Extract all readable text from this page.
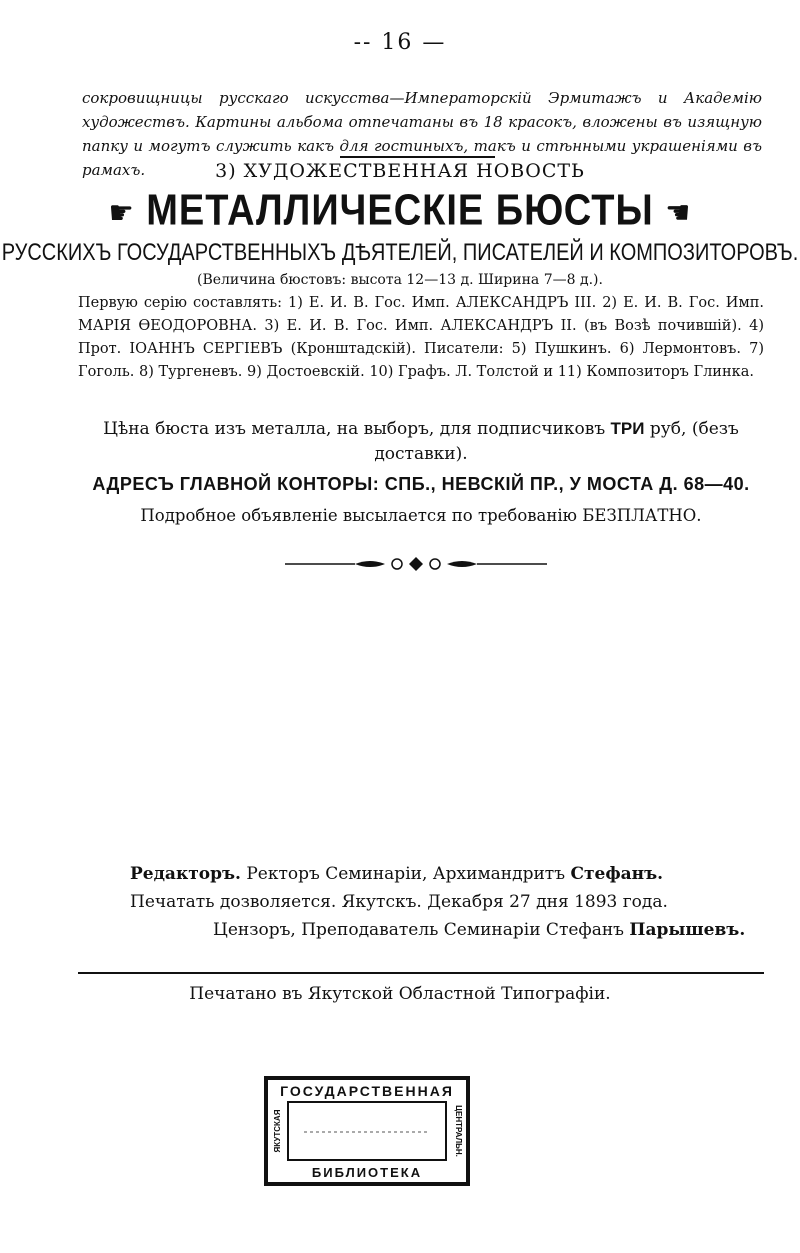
-- 16 —
сокровищницы русскаго искусства—Императорскій Эрмитажъ и Академію художествъ. Картины альбома отпечатаны въ 18 красокъ, вложены въ изящную папку и могутъ служить какъ для гостиныхъ, такъ и стѣнными украшеніями въ рамахъ.	3) ХУДОЖЕСТВЕННАЯ НОВОСТЬ
☛ МЕТАЛЛИЧЕСКІЕ БЮСТЫ ☚
РУССКИХЪ ГОСУДАРСТВЕННЫХЪ ДѢЯТЕЛЕЙ, ПИСАТЕЛЕЙ И КОМПОЗИТОРОВЪ.
(Величина бюстовъ: высота 12—13 д. Ширина 7—8 д.).
Первую серію составлять: 1) Е. И. В. Гос. Имп. АЛЕКСАНДРЪ III. 2) Е. И. В. Гос. Имп. МАРІЯ ӨЕОДОРОВНА. 3) Е. И. В. Гос. Имп. АЛЕКСАНДРЪ II. (въ Возѣ почившій). 4) Прот. ІОАННЪ СЕРГІЕВЪ (Кронштадскій). Писатели: 5) Пушкинъ. 6) Лермонтовъ. 7) Гоголь. 8) Тургеневъ. 9) Достоевскій. 10) Графъ. Л. Толстой и 11) Композиторъ Глинка.
Цѣна бюста изъ металла, на выборъ, для подписчиковъ ТРИ руб, (безъ доставки).
АДРЕСЪ ГЛАВНОЙ КОНТОРЫ: СПБ., НЕВСКІЙ ПР., У МОСТА Д. 68—40.
Подробное объявленіе высылается по требованію БЕЗПЛАТНО.
Редакторъ. Ректоръ Семинаріи, Архимандритъ Стефанъ.
Печатать дозволяется. Якутскъ. Декабря 27 дня 1893 года.
Цензоръ, Преподаватель Семинаріи Стефанъ Парышевъ.
Печатано въ Якутской Областной Типографіи.
ГОСУДАРСТВЕННАЯ
БИБЛИОТЕКА
ЯКУТСКАЯ	ЦЕНТРАЛЬН.
